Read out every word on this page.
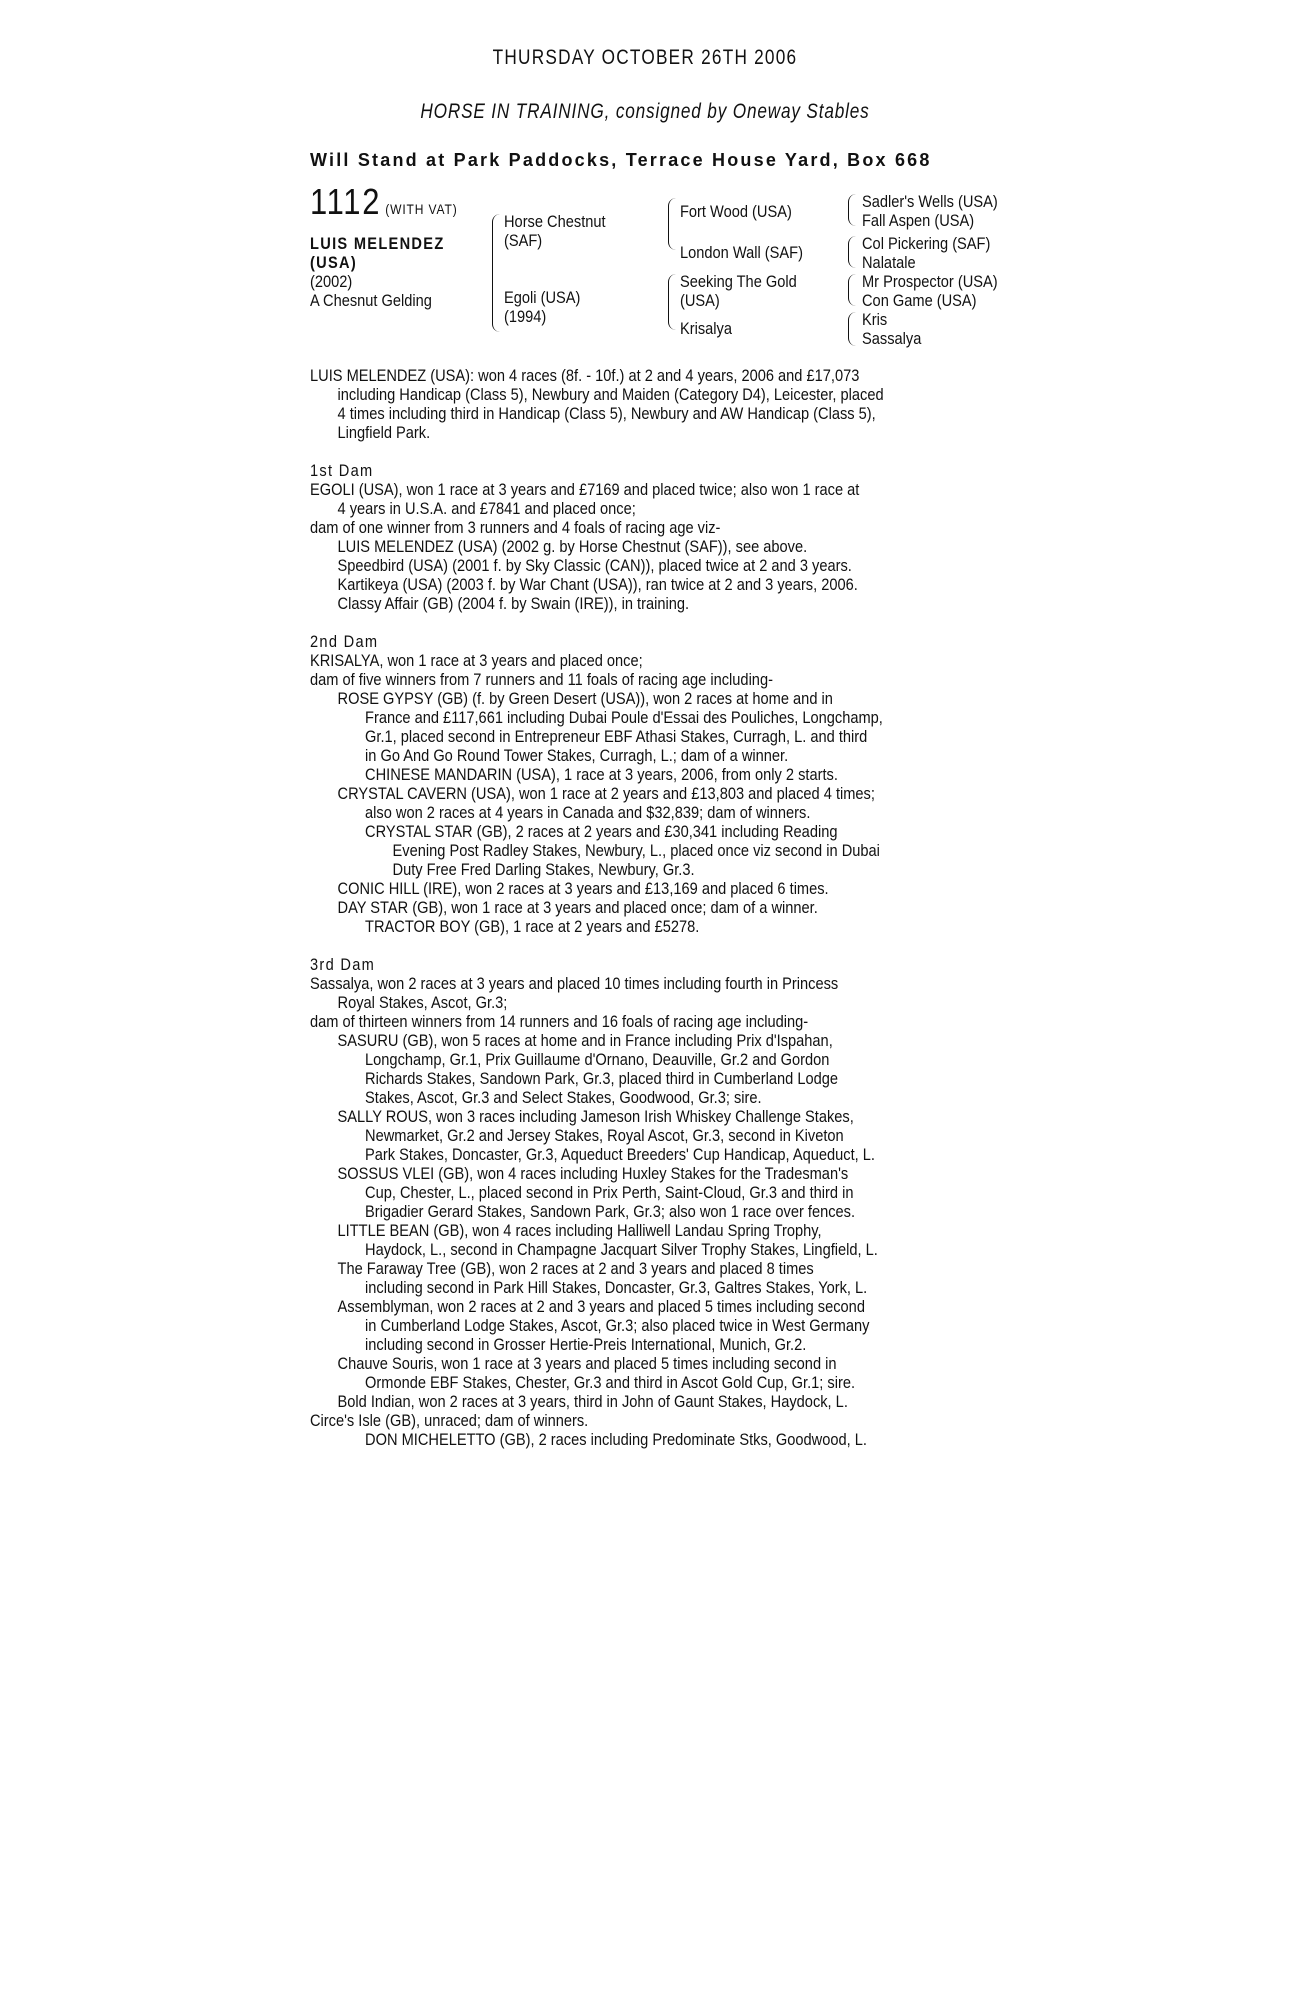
THURSDAY OCTOBER 26TH 2006
HORSE IN TRAINING, consigned by Oneway Stables
Will Stand at Park Paddocks, Terrace House Yard, Box 668
1112 (WITH VAT)
LUIS MELENDEZ
(USA)
(2002)
A Chesnut Gelding
Horse Chestnut
(SAF)
Egoli (USA)
(1994)
Fort Wood (USA)
London Wall (SAF)
Seeking The Gold
(USA)
Krisalya
Sadler's Wells (USA)
Fall Aspen (USA)
Col Pickering (SAF)
Nalatale
Mr Prospector (USA)
Con Game (USA)
Kris
Sassalya
LUIS MELENDEZ (USA): won 4 races (8f. - 10f.) at 2 and 4 years, 2006 and £17,073
including Handicap (Class 5), Newbury and Maiden (Category D4), Leicester, placed
4 times including third in Handicap (Class 5), Newbury and AW Handicap (Class 5),
Lingfield Park.
1st Dam
EGOLI (USA), won 1 race at 3 years and £7169 and placed twice; also won 1 race at
4 years in U.S.A. and £7841 and placed once;
dam of one winner from 3 runners and 4 foals of racing age viz-
LUIS MELENDEZ (USA) (2002 g. by Horse Chestnut (SAF)), see above.
Speedbird (USA) (2001 f. by Sky Classic (CAN)), placed twice at 2 and 3 years.
Kartikeya (USA) (2003 f. by War Chant (USA)), ran twice at 2 and 3 years, 2006.
Classy Affair (GB) (2004 f. by Swain (IRE)), in training.
2nd Dam
KRISALYA, won 1 race at 3 years and placed once;
dam of five winners from 7 runners and 11 foals of racing age including-
ROSE GYPSY (GB) (f. by Green Desert (USA)), won 2 races at home and in
France and £117,661 including Dubai Poule d'Essai des Pouliches, Longchamp,
Gr.1, placed second in Entrepreneur EBF Athasi Stakes, Curragh, L. and third
in Go And Go Round Tower Stakes, Curragh, L.; dam of a winner.
CHINESE MANDARIN (USA), 1 race at 3 years, 2006, from only 2 starts.
CRYSTAL CAVERN (USA), won 1 race at 2 years and £13,803 and placed 4 times;
also won 2 races at 4 years in Canada and $32,839; dam of winners.
CRYSTAL STAR (GB), 2 races at 2 years and £30,341 including Reading
Evening Post Radley Stakes, Newbury, L., placed once viz second in Dubai
Duty Free Fred Darling Stakes, Newbury, Gr.3.
CONIC HILL (IRE), won 2 races at 3 years and £13,169 and placed 6 times.
DAY STAR (GB), won 1 race at 3 years and placed once; dam of a winner.
TRACTOR BOY (GB), 1 race at 2 years and £5278.
3rd Dam
Sassalya, won 2 races at 3 years and placed 10 times including fourth in Princess
Royal Stakes, Ascot, Gr.3;
dam of thirteen winners from 14 runners and 16 foals of racing age including-
SASURU (GB), won 5 races at home and in France including Prix d'Ispahan,
Longchamp, Gr.1, Prix Guillaume d'Ornano, Deauville, Gr.2 and Gordon
Richards Stakes, Sandown Park, Gr.3, placed third in Cumberland Lodge
Stakes, Ascot, Gr.3 and Select Stakes, Goodwood, Gr.3; sire.
SALLY ROUS, won 3 races including Jameson Irish Whiskey Challenge Stakes,
Newmarket, Gr.2 and Jersey Stakes, Royal Ascot, Gr.3, second in Kiveton
Park Stakes, Doncaster, Gr.3, Aqueduct Breeders' Cup Handicap, Aqueduct, L.
SOSSUS VLEI (GB), won 4 races including Huxley Stakes for the Tradesman's
Cup, Chester, L., placed second in Prix Perth, Saint-Cloud, Gr.3 and third in
Brigadier Gerard Stakes, Sandown Park, Gr.3; also won 1 race over fences.
LITTLE BEAN (GB), won 4 races including Halliwell Landau Spring Trophy,
Haydock, L., second in Champagne Jacquart Silver Trophy Stakes, Lingfield, L.
The Faraway Tree (GB), won 2 races at 2 and 3 years and placed 8 times
including second in Park Hill Stakes, Doncaster, Gr.3, Galtres Stakes, York, L.
Assemblyman, won 2 races at 2 and 3 years and placed 5 times including second
in Cumberland Lodge Stakes, Ascot, Gr.3; also placed twice in West Germany
including second in Grosser Hertie-Preis International, Munich, Gr.2.
Chauve Souris, won 1 race at 3 years and placed 5 times including second in
Ormonde EBF Stakes, Chester, Gr.3 and third in Ascot Gold Cup, Gr.1; sire.
Bold Indian, won 2 races at 3 years, third in John of Gaunt Stakes, Haydock, L.
Circe's Isle (GB), unraced; dam of winners.
DON MICHELETTO (GB), 2 races including Predominate Stks, Goodwood, L.
